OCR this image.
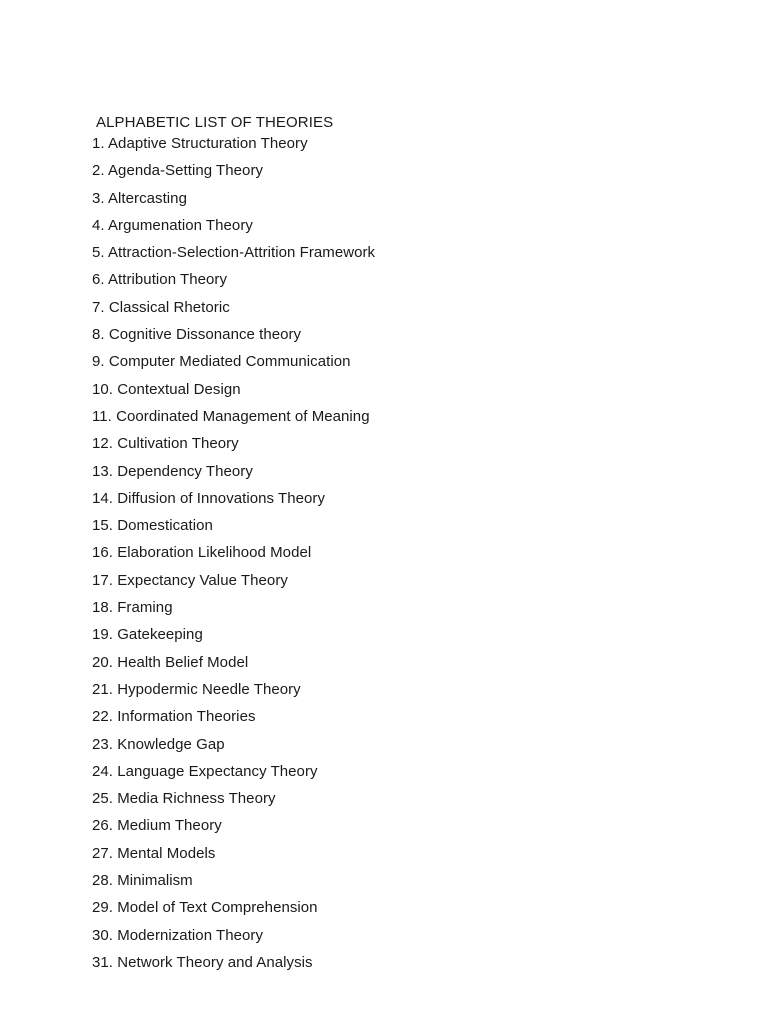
ALPHABETIC LIST OF THEORIES
1. Adaptive Structuration Theory
2. Agenda-Setting Theory
3. Altercasting
4. Argumenation Theory
5. Attraction-Selection-Attrition Framework
6. Attribution Theory
7. Classical Rhetoric
8. Cognitive Dissonance theory
9. Computer Mediated Communication
10. Contextual Design
11. Coordinated Management of Meaning
12. Cultivation Theory
13. Dependency Theory
14. Diffusion of Innovations Theory
15. Domestication
16. Elaboration Likelihood Model
17. Expectancy Value Theory
18. Framing
19. Gatekeeping
20. Health Belief Model
21. Hypodermic Needle Theory
22. Information Theories
23. Knowledge Gap
24. Language Expectancy Theory
25. Media Richness Theory
26. Medium Theory
27. Mental Models
28. Minimalism
29. Model of Text Comprehension
30. Modernization Theory
31. Network Theory and Analysis
